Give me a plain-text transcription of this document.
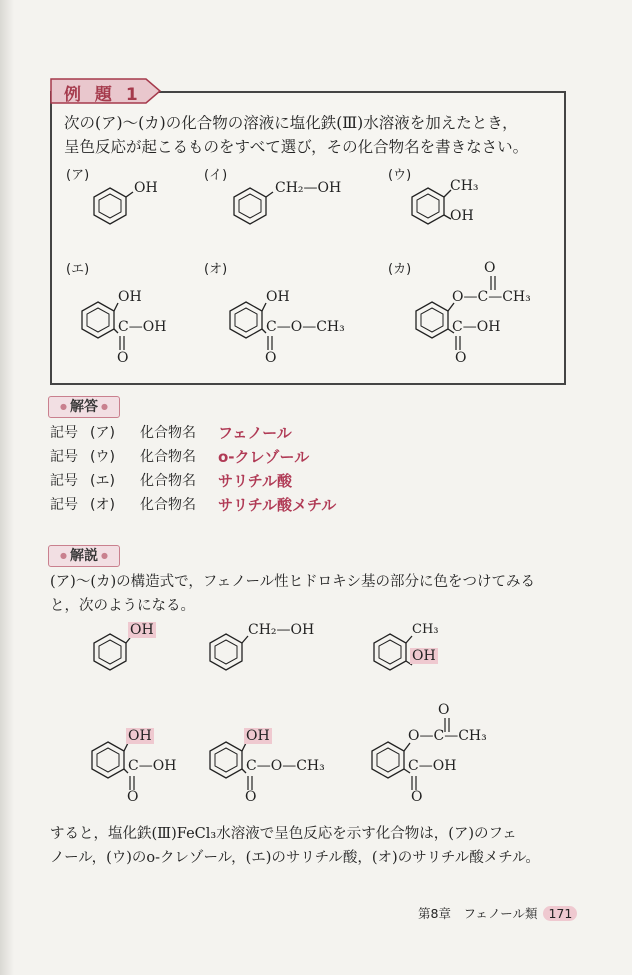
例 題 1
次の(ア)〜(カ)の化合物の溶液に塩化鉄(Ⅲ)水溶液を加えたとき，
呈色反応が起こるものをすべて選び，その化合物名を書きなさい。
(ア)
OH
(イ)
CH₂—OH
(ウ)
CH₃
OH
(エ)
OH
C—OH
O
(オ)
OH
C—O—CH₃
O
(カ)	O
O—C—CH₃
C—OH
O
● 解答 ●
記号 (ア) 化合物名 フェノール
記号 (ウ) 化合物名 o-クレゾール
記号 (エ) 化合物名 サリチル酸
記号 (オ) 化合物名 サリチル酸メチル
● 解説 ●
(ア)〜(カ)の構造式で，フェノール性ヒドロキシ基の部分に色をつけてみる
と，次のようになる。
OH	CH₂—OH	CH₃
OH
OH
C—OH
O
OH
C—O—CH₃
O
O
O—C—CH₃
C—OH
O
すると，塩化鉄(Ⅲ)FeCl₃水溶液で呈色反応を示す化合物は，(ア)のフェ
ノール，(ウ)のo-クレゾール，(エ)のサリチル酸，(オ)のサリチル酸メチル。
第8章　フェノール類 171
